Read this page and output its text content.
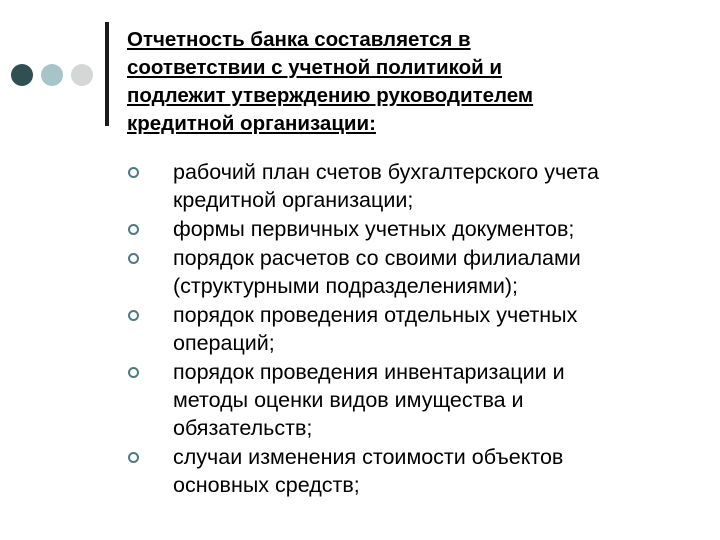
Отчетность банка составляется в
соответствии с учетной политикой и
подлежит утверждению руководителем
кредитной организации:
рабочий план счетов бухгалтерского учета
кредитной организации;
формы первичных учетных документов;
порядок расчетов со своими филиалами
(структурными подразделениями);
порядок проведения отдельных учетных
операций;
порядок проведения инвентаризации и
методы оценки видов имущества и
обязательств;
случаи изменения стоимости объектов
основных средств;
